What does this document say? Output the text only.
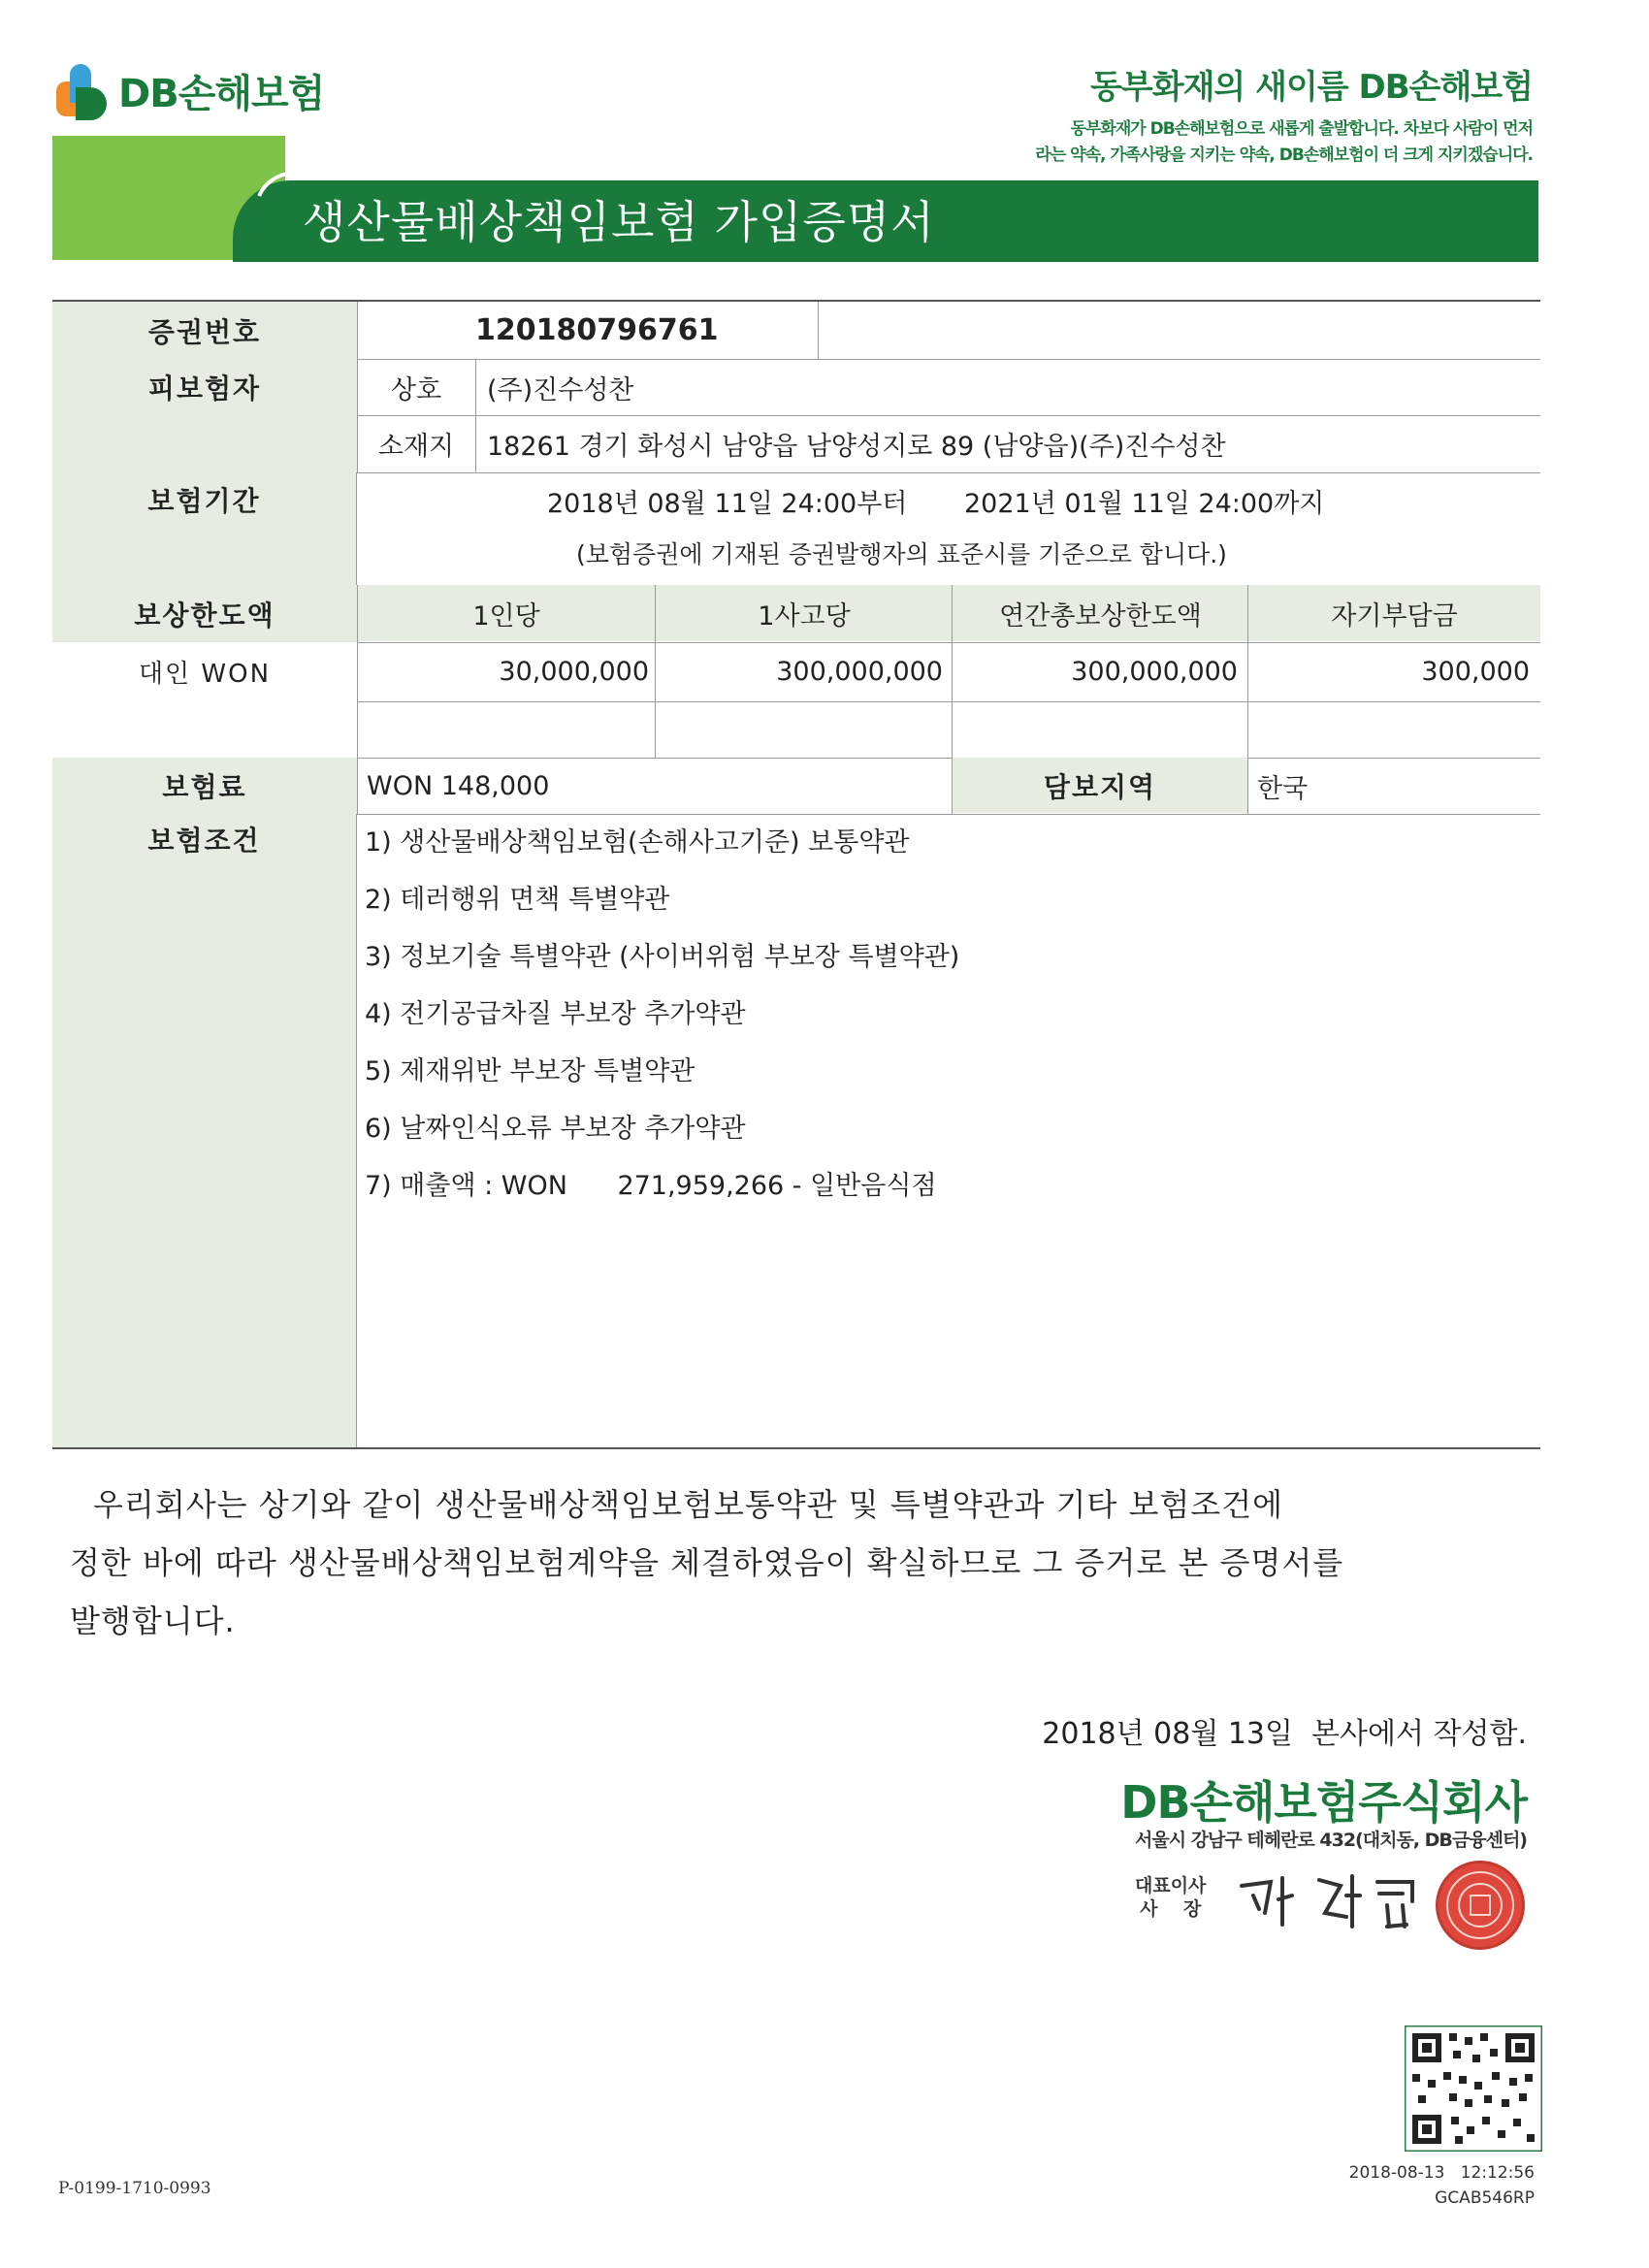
DB손해보험	동부화재의 새이름 DB손해보험
동부화재가 DB손해보험으로 새롭게 출발합니다. 차보다 사람이 먼저
라는 약속, 가족사랑을 지키는 약속, DB손해보험이 더 크게 지키겠습니다.
생산물배상책임보험 가입증명서
증권번호	120180796761
피보험자	상호	(주)진수성찬
소재지	18261 경기 화성시 남양읍 남양성지로 89 (남양읍)(주)진수성찬
보험기간	2018년 08월 11일 24:00부터 2021년 01월 11일 24:00까지
(보험증권에 기재된 증권발행자의 표준시를 기준으로 합니다.)
보상한도액	1인당	1사고당	연간총보상한도액	자기부담금
대인 WON	30,000,000	300,000,000	300,000,000	300,000
보험료	WON 148,000	담보지역	한국
보험조건	1) 생산물배상책임보험(손해사고기준) 보통약관
2) 테러행위 면책 특별약관
3) 정보기술 특별약관 (사이버위험 부보장 특별약관)
4) 전기공급차질 부보장 추가약관
5) 제재위반 부보장 특별약관
6) 날짜인식오류 부보장 추가약관
7) 매출액 : WON      271,959,266 - 일반음식점
우리회사는 상기와 같이 생산물배상책임보험보통약관 및 특별약관과 기타 보험조건에
정한 바에 따라 생산물배상책임보험계약을 체결하였음이 확실하므로 그 증거로 본 증명서를
발행합니다.
2018년 08월 13일  본사에서 작성함.
DB손해보험주식회사
서울시 강남구 테헤란로 432(대치동, DB금융센터)
대표이사
사    장
2018-08-13   12:12:56
GCAB546RP
P-0199-1710-0993
